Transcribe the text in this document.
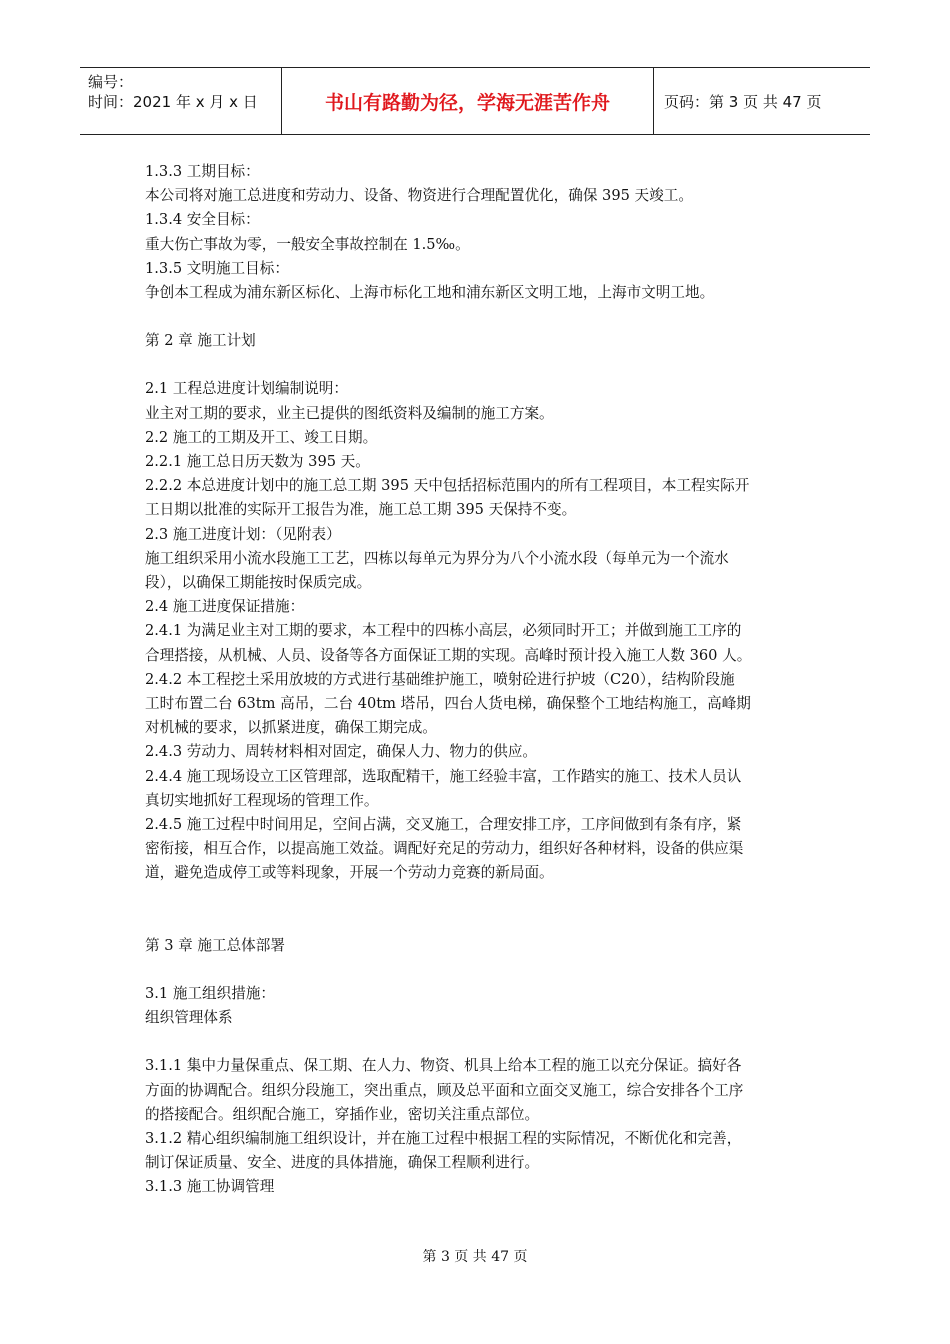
编号：
时间：2021 年 x 月 x 日	书山有路勤为径，学海无涯苦作舟	页码：第 3 页 共 47 页

1.3.3 工期目标：

本公司将对施工总进度和劳动力、设备、物资进行合理配置优化，确保 395 天竣工。

1.3.4 安全目标：

重大伤亡事故为零，一般安全事故控制在 1.5‰。

1.3.5 文明施工目标：

争创本工程成为浦东新区标化、上海市标化工地和浦东新区文明工地，上海市文明工地。

第 2 章 施工计划

2.1 工程总进度计划编制说明：

业主对工期的要求，业主已提供的图纸资料及编制的施工方案。

2.2 施工的工期及开工、竣工日期。

2.2.1 施工总日历天数为 395 天。

2.2.2 本总进度计划中的施工总工期 395 天中包括招标范围内的所有工程项目，本工程实际开

工日期以批准的实际开工报告为准，施工总工期 395 天保持不变。

2.3 施工进度计划：（见附表）

施工组织采用小流水段施工工艺，四栋以每单元为界分为八个小流水段（每单元为一个流水

段），以确保工期能按时保质完成。

2.4 施工进度保证措施：

2.4.1 为满足业主对工期的要求，本工程中的四栋小高层，必须同时开工；并做到施工工序的

合理搭接，从机械、人员、设备等各方面保证工期的实现。高峰时预计投入施工人数 360 人。

2.4.2 本工程挖土采用放坡的方式进行基础维护施工，喷射砼进行护坡（C20），结构阶段施

工时布置二台 63tm 高吊，二台 40tm 塔吊，四台人货电梯，确保整个工地结构施工，高峰期

对机械的要求，以抓紧进度，确保工期完成。

2.4.3 劳动力、周转材料相对固定，确保人力、物力的供应。

2.4.4 施工现场设立工区管理部，选取配精干，施工经验丰富，工作踏实的施工、技术人员认

真切实地抓好工程现场的管理工作。

2.4.5 施工过程中时间用足，空间占满，交叉施工，合理安排工序，工序间做到有条有序，紧

密衔接，相互合作，以提高施工效益。调配好充足的劳动力，组织好各种材料，设备的供应渠

道，避免造成停工或等料现象，开展一个劳动力竞赛的新局面。

第 3 章 施工总体部署

3.1 施工组织措施：

组织管理体系

3.1.1 集中力量保重点、保工期、在人力、物资、机具上给本工程的施工以充分保证。搞好各

方面的协调配合。组织分段施工，突出重点，顾及总平面和立面交叉施工，综合安排各个工序

的搭接配合。组织配合施工，穿插作业，密切关注重点部位。

3.1.2 精心组织编制施工组织设计，并在施工过程中根据工程的实际情况，不断优化和完善，

制订保证质量、安全、进度的具体措施，确保工程顺利进行。

3.1.3 施工协调管理

第 3 页 共 47 页
